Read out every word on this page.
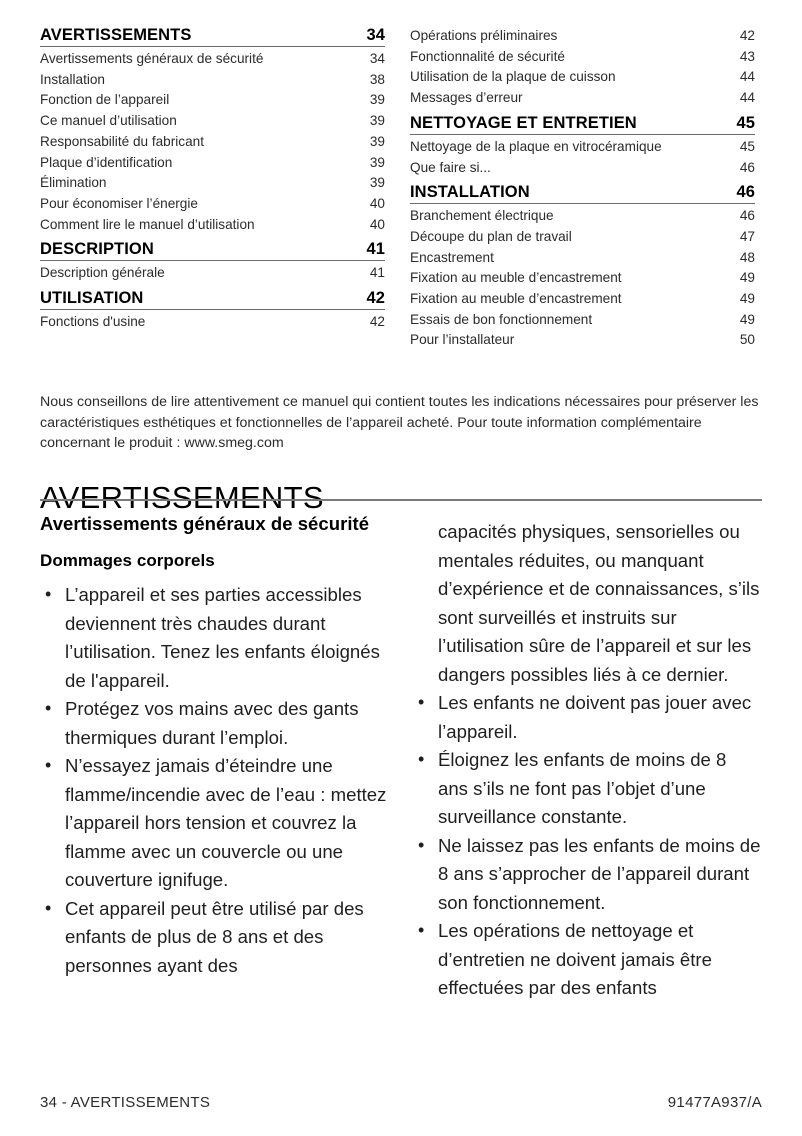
AVERTISSEMENTS	34
Avertissements généraux de sécurité	34
Installation	38
Fonction de l’appareil	39
Ce manuel d’utilisation	39
Responsabilité du fabricant	39
Plaque d’identification	39
Élimination	39
Pour économiser l’énergie	40
Comment lire le manuel d’utilisation	40
DESCRIPTION	41
Description générale	41
UTILISATION	42
Fonctions d'usine	42
Opérations préliminaires	42
Fonctionnalité de sécurité	43
Utilisation de la plaque de cuisson	44
Messages d’erreur	44
NETTOYAGE ET ENTRETIEN	45
Nettoyage de la plaque en vitrocéramique	45
Que faire si...	46
INSTALLATION	46
Branchement électrique	46
Découpe du plan de travail	47
Encastrement	48
Fixation au meuble d’encastrement	49
Fixation au meuble d’encastrement	49
Essais de bon fonctionnement	49
Pour l’installateur	50

Nous conseillons de lire attentivement ce manuel qui contient toutes les indications nécessaires pour préserver les caractéristiques esthétiques et fonctionnelles de l’appareil acheté. Pour toute information complémentaire concernant le produit : www.smeg.com

AVERTISSEMENTS
Avertissements généraux de sécurité
Dommages corporels
• L’appareil et ses parties accessibles deviennent très chaudes durant l’utilisation. Tenez les enfants éloignés de l'appareil.
• Protégez vos mains avec des gants thermiques durant l’emploi.
• N’essayez jamais d’éteindre une flamme/incendie avec de l’eau : mettez l’appareil hors tension et couvrez la flamme avec un couvercle ou une couverture ignifuge.
• Cet appareil peut être utilisé par des enfants de plus de 8 ans et des personnes ayant des

capacités physiques, sensorielles ou mentales réduites, ou manquant d’expérience et de connaissances, s’ils sont surveillés et instruits sur l’utilisation sûre de l’appareil et sur les dangers possibles liés à ce dernier.

• Les enfants ne doivent pas jouer avec l’appareil.
• Éloignez les enfants de moins de 8 ans s’ils ne font pas l’objet d’une surveillance constante.
• Ne laissez pas les enfants de moins de 8 ans s’approcher de l’appareil durant son fonctionnement.
• Les opérations de nettoyage et d’entretien ne doivent jamais être effectuées par des enfants
34 - AVERTISSEMENTS	91477A937/A
